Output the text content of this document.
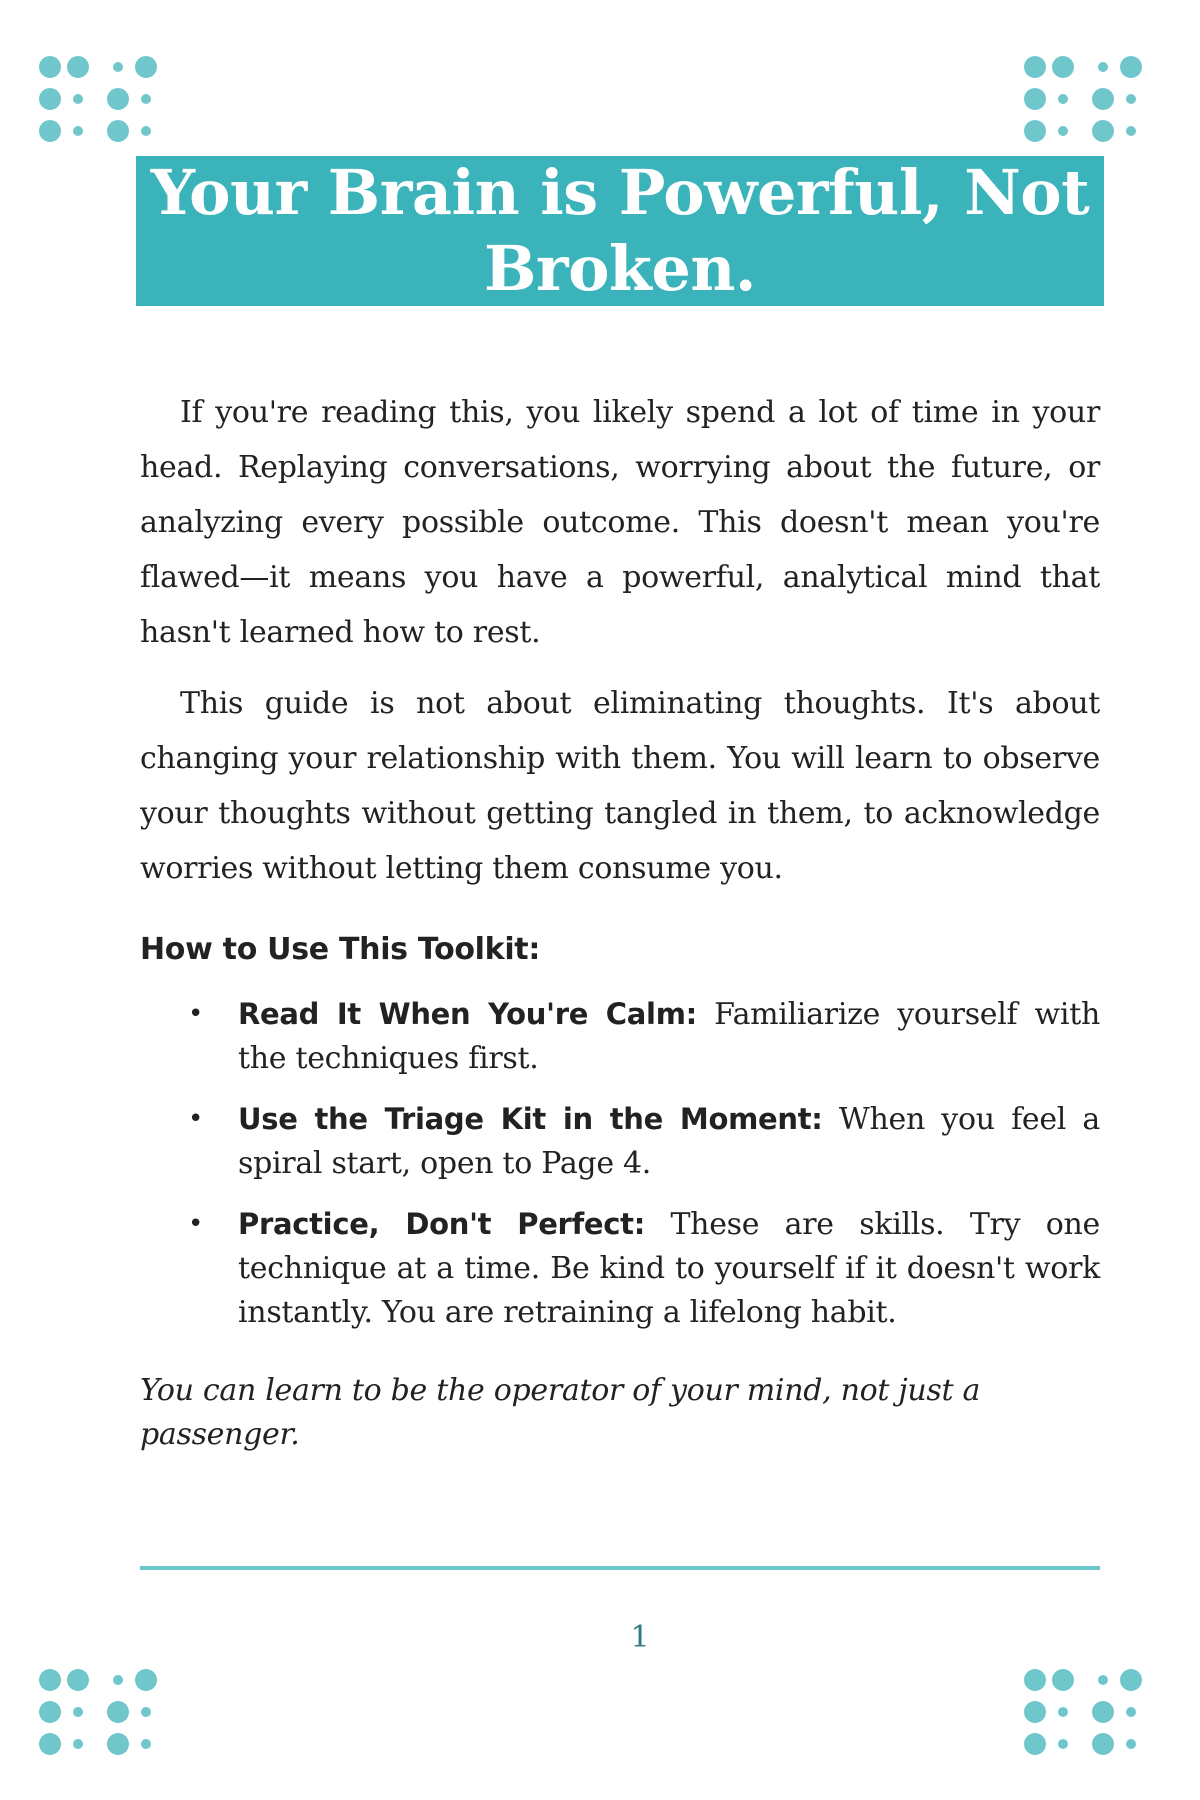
Your Brain is Powerful, Not Broken.

If you're reading this, you likely spend a lot of time in your head. Replaying conversations, worrying about the future, or analyzing every possible outcome. This doesn't mean you're flawed—it means you have a powerful, analytical mind that hasn't learned how to rest.

This guide is not about eliminating thoughts. It's about changing your relationship with them. You will learn to observe your thoughts without getting tangled in them, to acknowledge worries without letting them consume you.

How to Use This Toolkit:
• Read It When You're Calm: Familiarize yourself with the techniques first.
• Use the Triage Kit in the Moment: When you feel a spiral start, open to Page 4.
• Practice, Don't Perfect: These are skills. Try one technique at a time. Be kind to yourself if it doesn't work instantly. You are retraining a lifelong habit.

You can learn to be the operator of your mind, not just a passenger.

1
